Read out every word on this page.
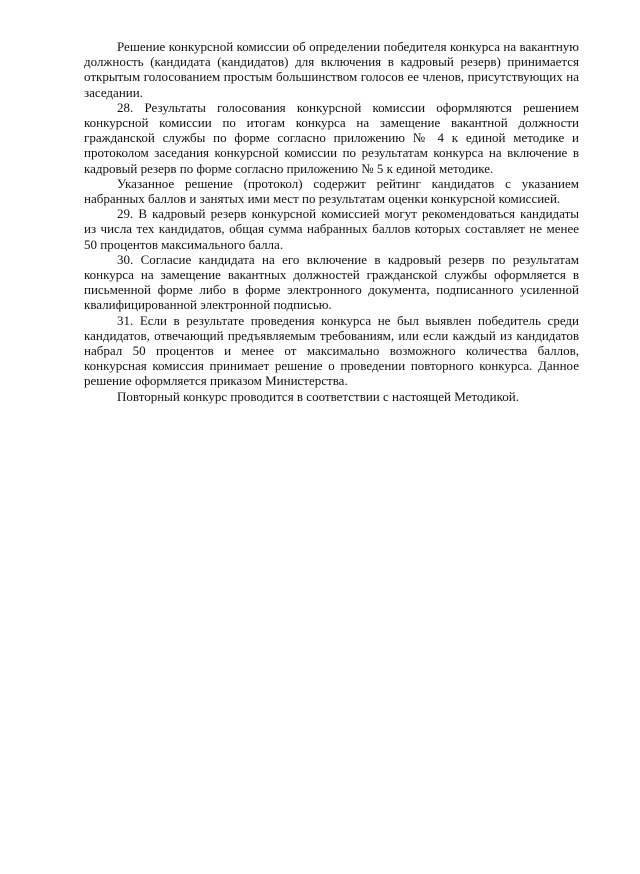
Решение конкурсной комиссии об определении победителя конкурса на вакантную должность (кандидата (кандидатов) для включения в кадровый резерв) принимается открытым голосованием простым большинством голосов ее членов, присутствующих на заседании.

28. Результаты голосования конкурсной комиссии оформляются решением конкурсной комиссии по итогам конкурса на замещение вакантной должности гражданской службы по форме согласно приложению № 4 к единой методике и протоколом заседания конкурсной комиссии по результатам конкурса на включение в кадровый резерв по форме согласно приложению № 5 к единой методике.

Указанное решение (протокол) содержит рейтинг кандидатов с указанием набранных баллов и занятых ими мест по результатам оценки конкурсной комиссией.

29. В кадровый резерв конкурсной комиссией могут рекомендоваться кандидаты из числа тех кандидатов, общая сумма набранных баллов которых составляет не менее 50 процентов максимального балла.

30. Согласие кандидата на его включение в кадровый резерв по результатам конкурса на замещение вакантных должностей гражданской службы оформляется в письменной форме либо в форме электронного документа, подписанного усиленной квалифицированной электронной подписью.

31. Если в результате проведения конкурса не был выявлен победитель среди кандидатов, отвечающий предъявляемым требованиям, или если каждый из кандидатов набрал 50 процентов и менее от максимально возможного количества баллов, конкурсная комиссия принимает решение о проведении повторного конкурса. Данное решение оформляется приказом Министерства.

Повторный конкурс проводится в соответствии с настоящей Методикой.
